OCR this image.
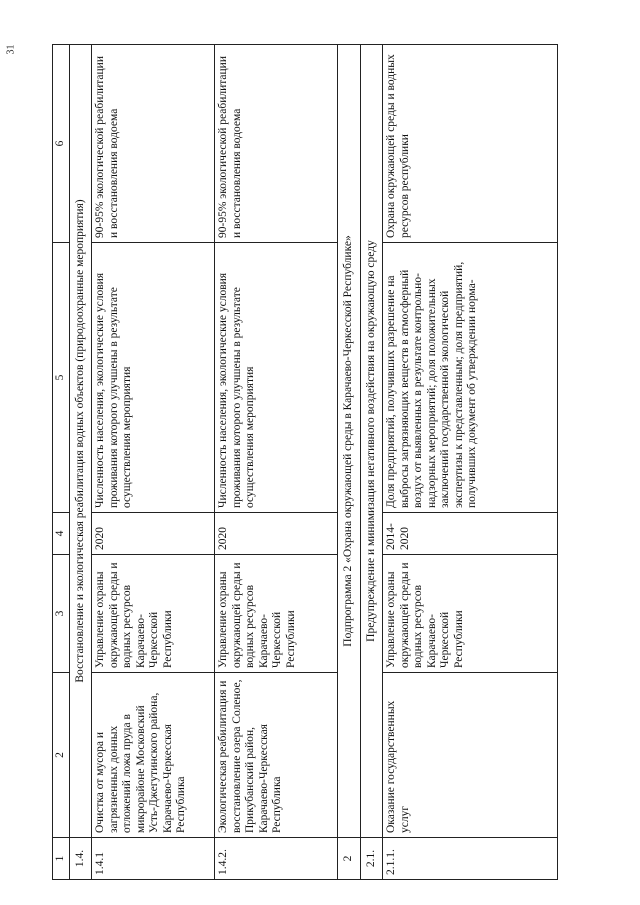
31
1	2	3	4	5	6
1.4.	Восстановление и экологическая реабилитация водных объектов (природоохранные мероприятия)				
1.4.1	Очистка от мусора и загрязненных донных отложений ложа пруда в микрорайоне Московский Усть-Джегутинского района, Карачаево-Черкесская Республика	Управление охраны окружающей среды и водных ресурсов Карачаево-Черкесской Республики	2020	Численность населения, экологические условия проживания которого улучшены в результате осуществления мероприятия	90-95% экологической реабилитации и восстановления водоема
1.4.2.	Экологическая реабилитация и восстановление озера Соленое, Прикубанский район, Карачаево-Черкесская Республика	Управление охраны окружающей среды и водных ресурсов Карачаево-Черкесской Республики	2020	Численность населения, экологические условия проживания которого улучшены в результате осуществления мероприятия	90-95% экологической реабилитации и восстановления водоема
2	Подпрограмма 2 «Охрана окружающей среды в Карачаево-Черкесской Республике»				
2.1.	Предупреждение и минимизация негативного воздействия на окружающую среду				
2.1.1.	Оказание государственных услуг	Управление охраны окружающей среды и водных ресурсов Карачаево-Черкесской Республики	2014-2020	Доля предприятий, получивших разрешение на выбросы загрязняющих веществ в атмосферный воздух от выявленных в результате контрольно-надзорных мероприятий; доля положительных заключений государственной экологической экспертизы к представленным; доля предприятий, получивших документ об утверждении норма-	Охрана окружающей среды и водных ресурсов республики
